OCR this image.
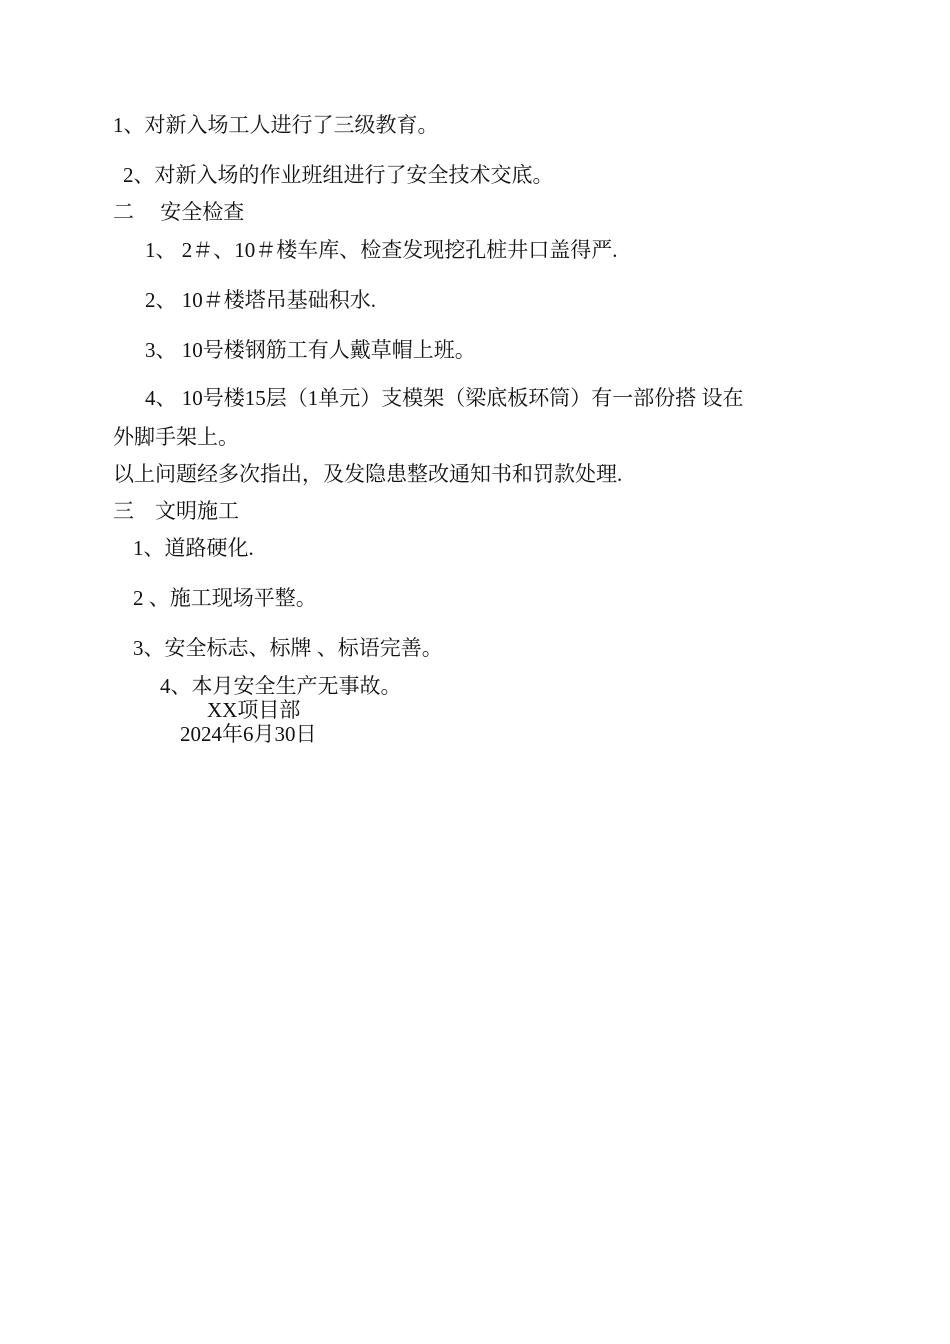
1、对新入场工人进行了三级教育。
2、对新入场的作业班组进行了安全技术交底。
二　 安全检查
1、 2＃、10＃楼车库、检查发现挖孔桩井口盖得严.
2、 10＃楼塔吊基础积水.
3、 10号楼钢筋工有人戴草帽上班。
4、 10号楼15层（1单元）支模架（梁底板环筒）有一部份搭 设在
外脚手架上。
以上问题经多次指出，及发隐患整改通知书和罚款处理.
三　文明施工
1、道路硬化.
2 、施工现场平整。
3、安全标志、标牌 、标语完善。
4、本月安全生产无事故。
XX项目部
2024年6月30日
